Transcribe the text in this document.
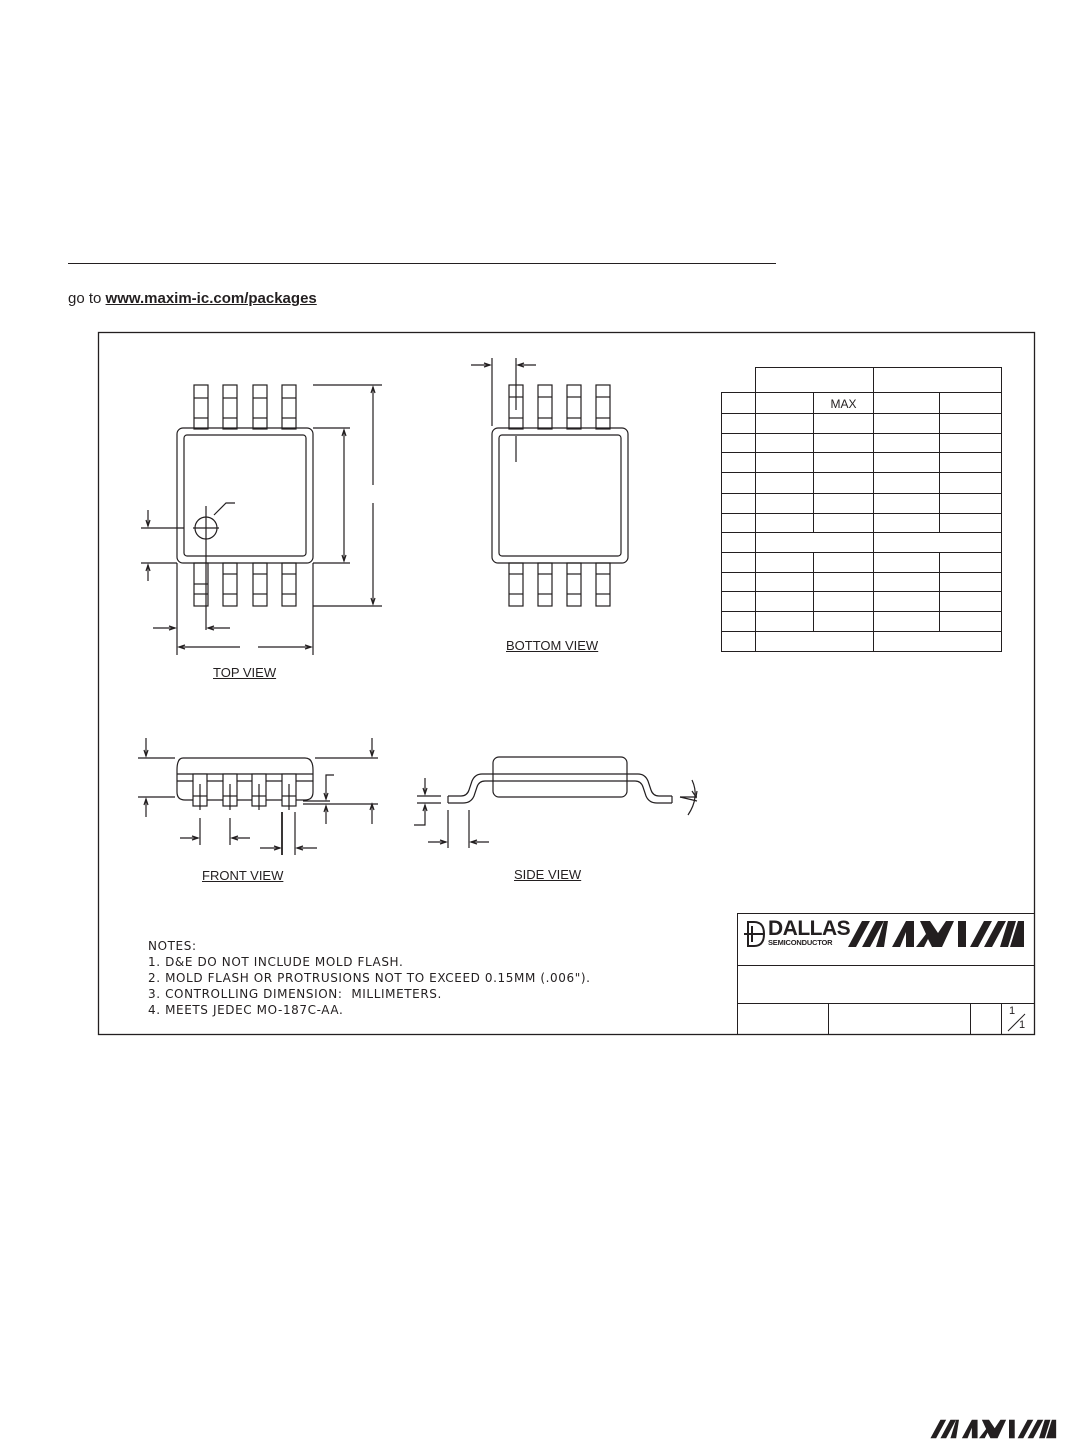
go to www.maxim-ic.com/packages
TOP VIEW
BOTTOM VIEW
FRONT VIEW	SIDE VIEW
MAX
NOTES:
1. D&E DO NOT INCLUDE MOLD FLASH.
2. MOLD FLASH OR PROTRUSIONS NOT TO EXCEED 0.15MM (.006").
3. CONTROLLING DIMENSION:  MILLIMETERS.
4. MEETS JEDEC MO-187C-AA.
DALLAS
SEMICONDUCTOR
1
1
